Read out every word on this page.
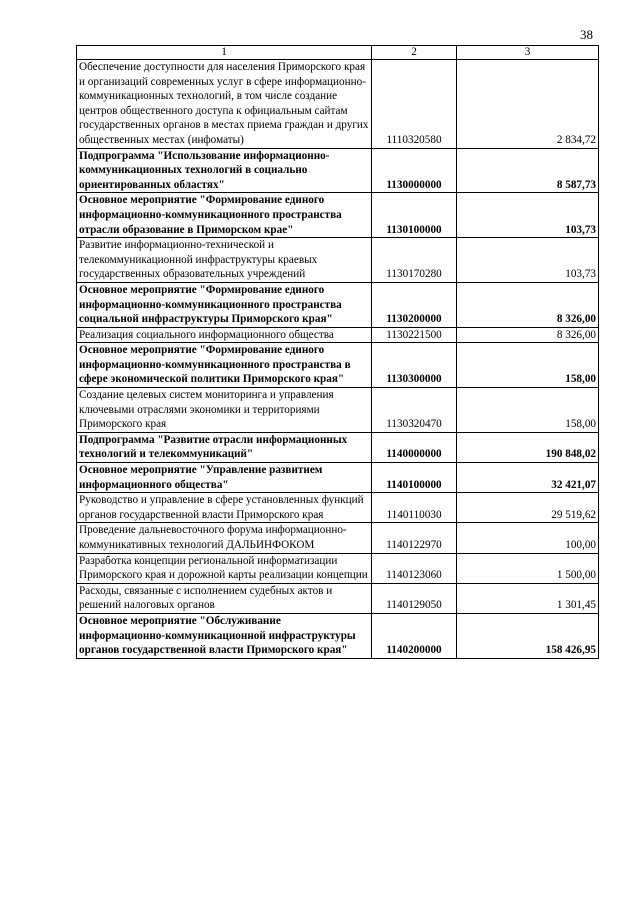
38
1	2	3
Обеспечение доступности для населения Приморского края и организаций современных услуг в сфере информационно-коммуникационных технологий, в том числе создание центров общественного доступа к официальным сайтам государственных органов в местах приема граждан и других общественных местах (инфоматы)	1110320580	2 834,72
Подпрограмма "Использование информационно-коммуникационных технологий в социально ориентированных областях"	1130000000	8 587,73
Основное мероприятие "Формирование единого информационно-коммуникационного пространства отрасли образование в Приморском крае"	1130100000	103,73
Развитие информационно-технической и телекоммуникационной инфраструктуры краевых государственных образовательных учреждений	1130170280	103,73
Основное мероприятие "Формирование единого информационно-коммуникационного пространства социальной инфраструктуры Приморского края"	1130200000	8 326,00
Реализация социального информационного общества	1130221500	8 326,00
Основное мероприятие "Формирование единого информационно-коммуникационного пространства в сфере экономической политики Приморского края"	1130300000	158,00
Создание целевых систем мониторинга и управления ключевыми отраслями экономики и территориями Приморского края	1130320470	158,00
Подпрограмма "Развитие отрасли информационных технологий и телекоммуникаций"	1140000000	190 848,02
Основное мероприятие "Управление развитием информационного общества"	1140100000	32 421,07
Руководство и управление в сфере установленных функций органов государственной власти Приморского края	1140110030	29 519,62
Проведение дальневосточного форума информационно-коммуникативных технологий ДАЛЬИНФОКОМ	1140122970	100,00
Разработка концепции региональной информатизации Приморского края и дорожной карты реализации концепции	1140123060	1 500,00
Расходы, связанные с исполнением судебных актов и решений налоговых органов	1140129050	1 301,45
Основное мероприятие "Обслуживание информационно-коммуникационной инфраструктуры органов государственной власти Приморского края"	1140200000	158 426,95
